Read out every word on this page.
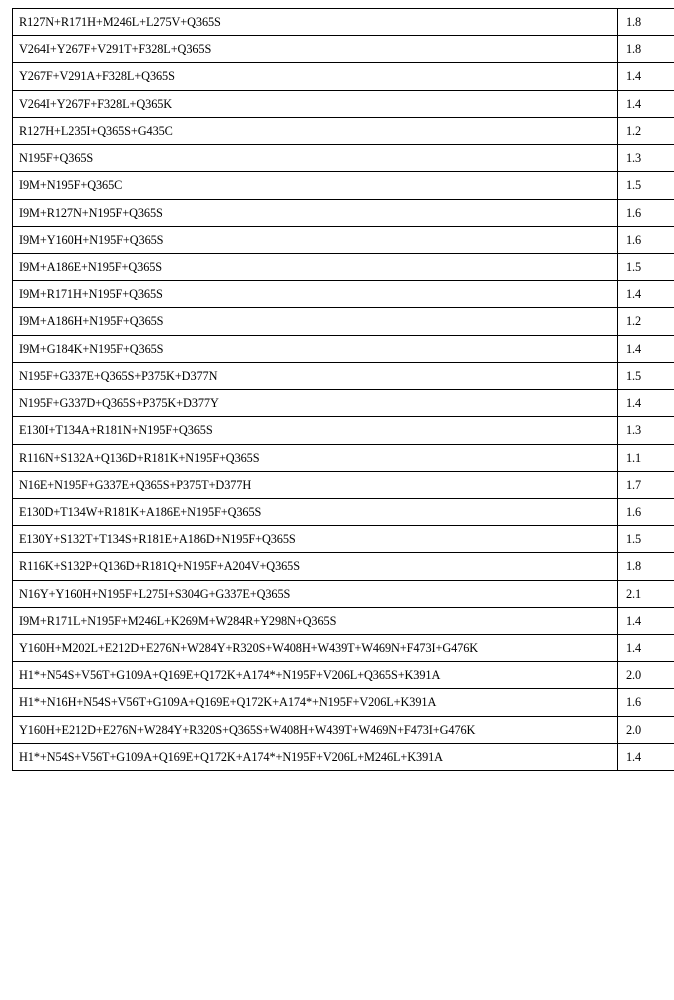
R127N+R171H+M246L+L275V+Q365S	1.8
V264I+Y267F+V291T+F328L+Q365S	1.8
Y267F+V291A+F328L+Q365S	1.4
V264I+Y267F+F328L+Q365K	1.4
R127H+L235I+Q365S+G435C	1.2
N195F+Q365S	1.3
I9M+N195F+Q365C	1.5
I9M+R127N+N195F+Q365S	1.6
I9M+Y160H+N195F+Q365S	1.6
I9M+A186E+N195F+Q365S	1.5
I9M+R171H+N195F+Q365S	1.4
I9M+A186H+N195F+Q365S	1.2
I9M+G184K+N195F+Q365S	1.4
N195F+G337E+Q365S+P375K+D377N	1.5
N195F+G337D+Q365S+P375K+D377Y	1.4
E130I+T134A+R181N+N195F+Q365S	1.3
R116N+S132A+Q136D+R181K+N195F+Q365S	1.1
N16E+N195F+G337E+Q365S+P375T+D377H	1.7
E130D+T134W+R181K+A186E+N195F+Q365S	1.6
E130Y+S132T+T134S+R181E+A186D+N195F+Q365S	1.5
R116K+S132P+Q136D+R181Q+N195F+A204V+Q365S	1.8
N16Y+Y160H+N195F+L275I+S304G+G337E+Q365S	2.1
I9M+R171L+N195F+M246L+K269M+W284R+Y298N+Q365S	1.4
Y160H+M202L+E212D+E276N+W284Y+R320S+W408H+W439T+W469N+F473I+G476K	1.4
H1*+N54S+V56T+G109A+Q169E+Q172K+A174*+N195F+V206L+Q365S+K391A	2.0
H1*+N16H+N54S+V56T+G109A+Q169E+Q172K+A174*+N195F+V206L+K391A	1.6
Y160H+E212D+E276N+W284Y+R320S+Q365S+W408H+W439T+W469N+F473I+G476K	2.0
H1*+N54S+V56T+G109A+Q169E+Q172K+A174*+N195F+V206L+M246L+K391A	1.4
